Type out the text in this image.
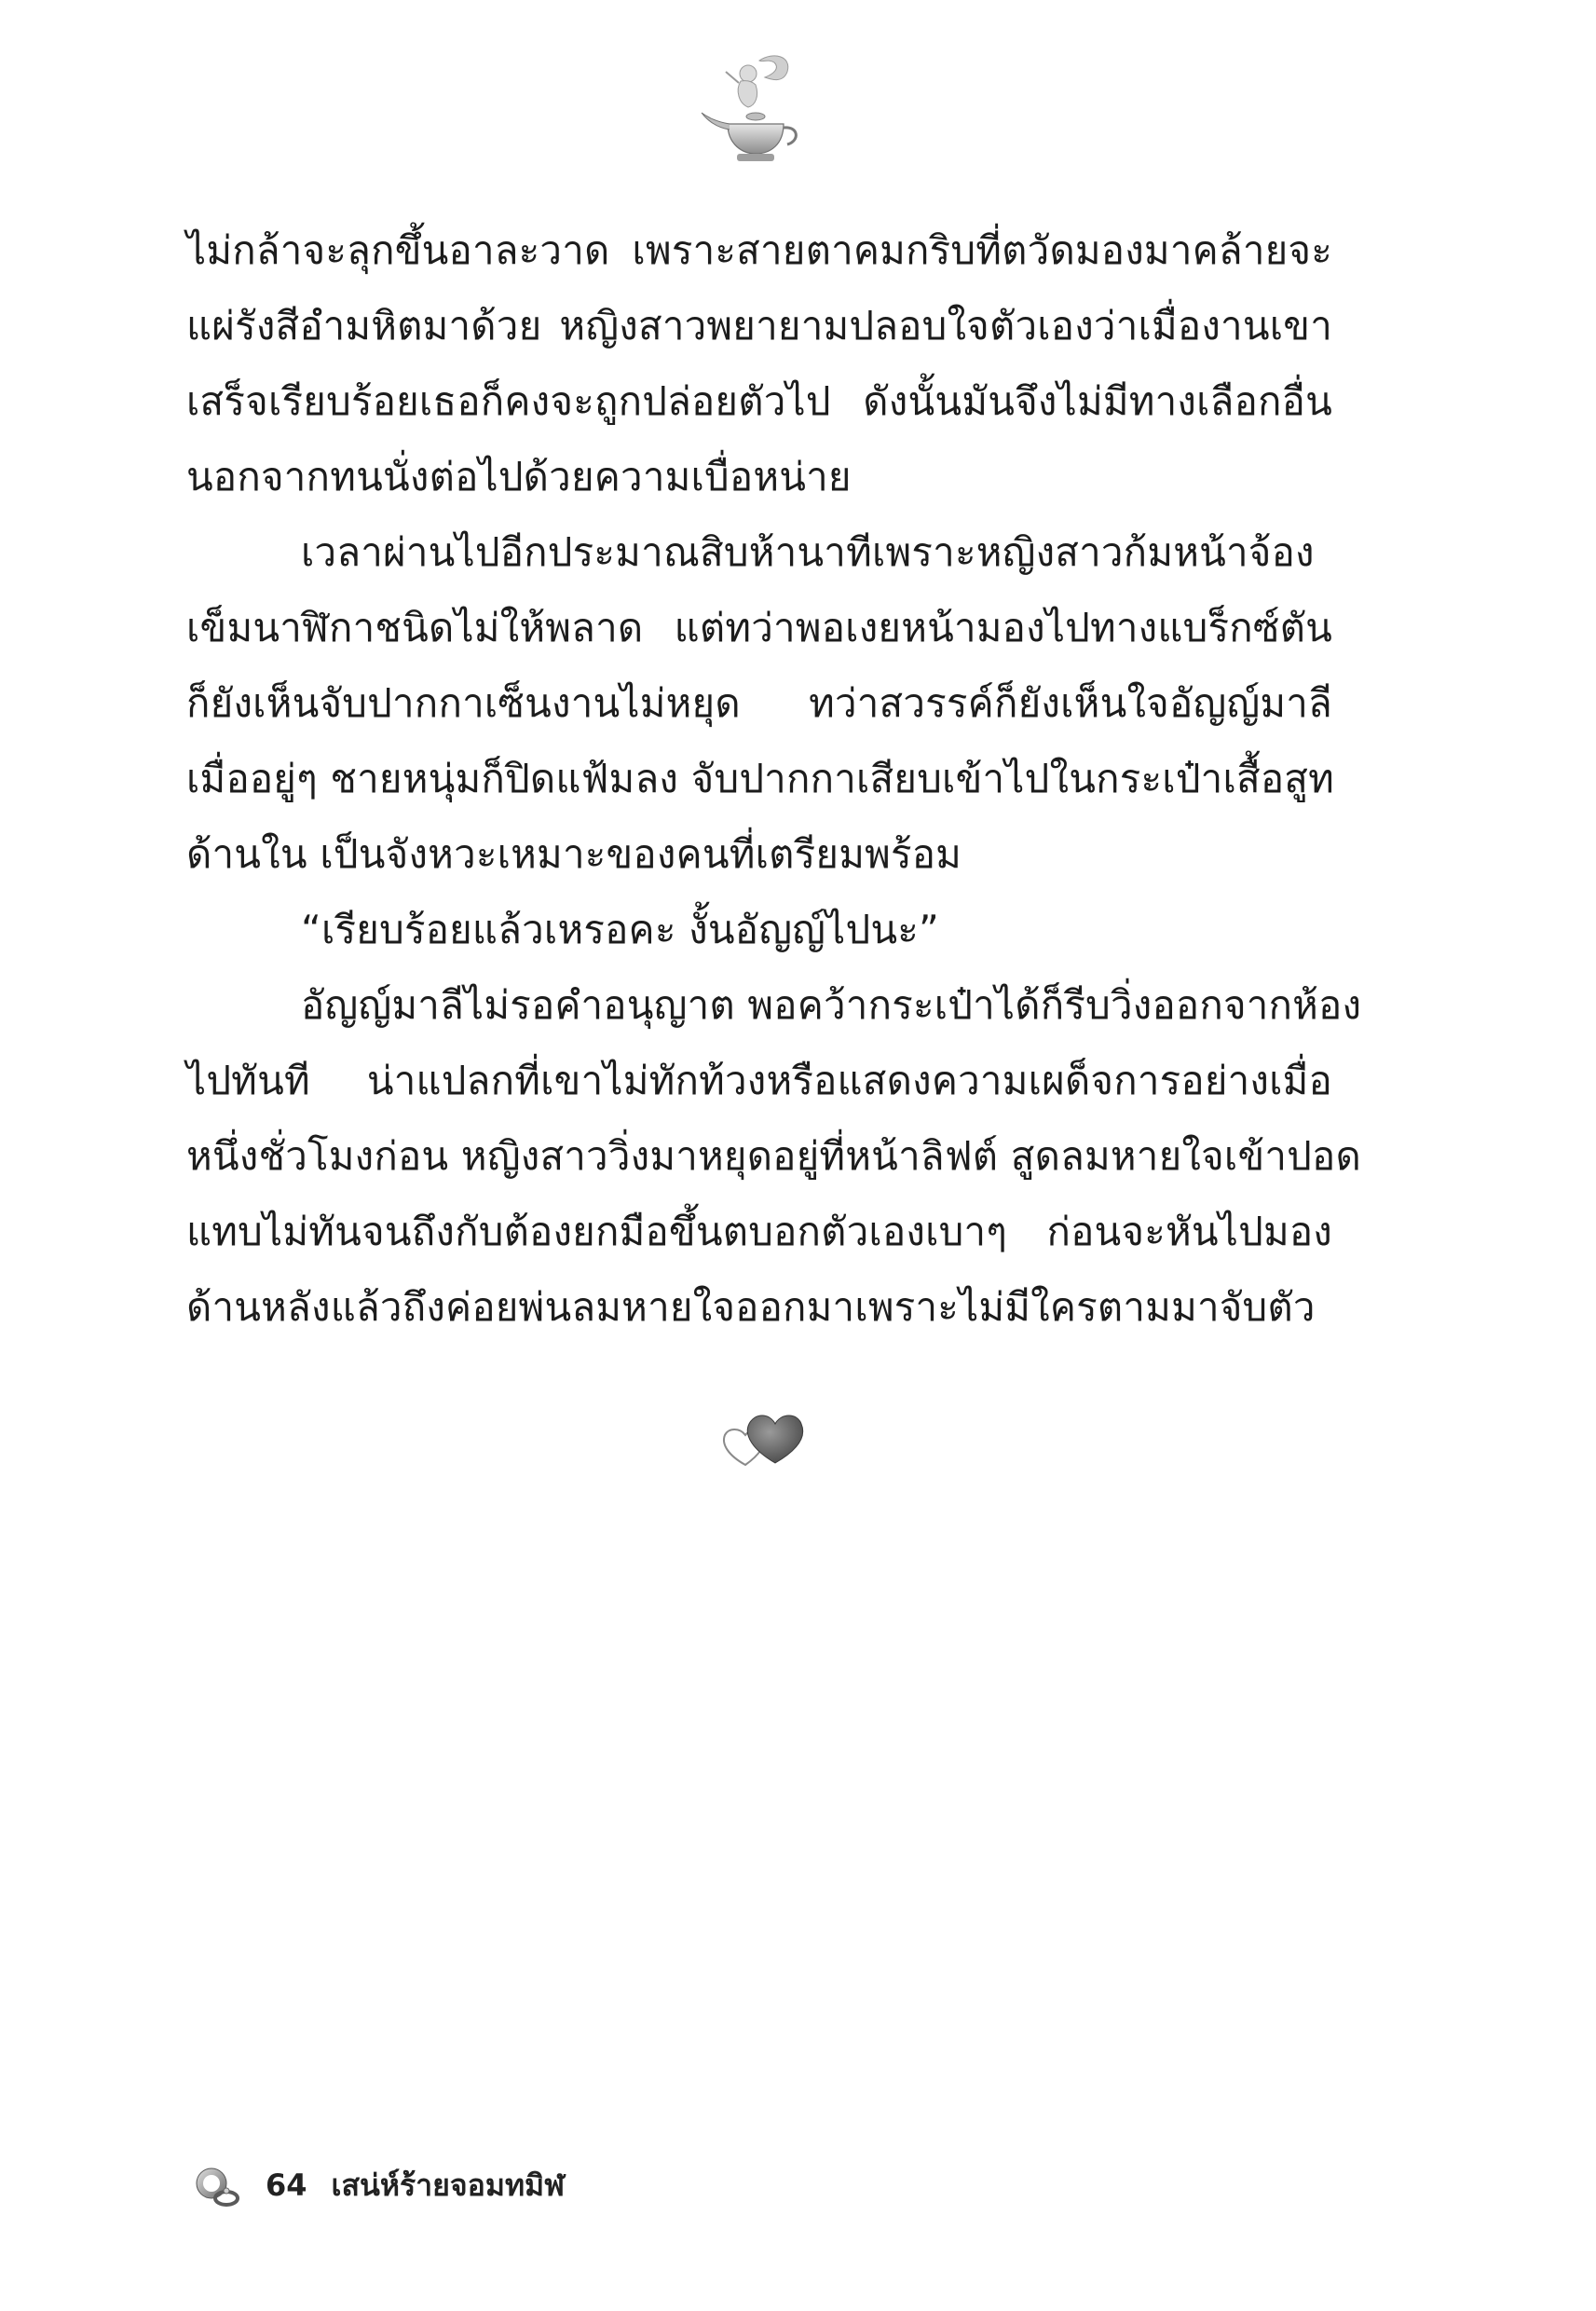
ไม่กล้าจะลุกขึ้นอาละวาด เพราะสายตาคมกริบที่ตวัดมองมาคล้ายจะ
แผ่รังสีอำมหิตมาด้วย หญิงสาวพยายามปลอบใจตัวเองว่าเมื่องานเขา
เสร็จเรียบร้อยเธอก็คงจะถูกปล่อยตัวไป ดังนั้นมันจึงไม่มีทางเลือกอื่น
นอกจากทนนั่งต่อไปด้วยความเบื่อหน่าย
เวลาผ่านไปอีกประมาณสิบห้านาทีเพราะหญิงสาวก้มหน้าจ้อง
เข็มนาฬิกาชนิดไม่ให้พลาด แต่ทว่าพอเงยหน้ามองไปทางแบร็กซ์ตัน
ก็ยังเห็นจับปากกาเซ็นงานไม่หยุด ทว่าสวรรค์ก็ยังเห็นใจอัญญ์มาลี
เมื่ออยู่ๆ ชายหนุ่มก็ปิดแฟ้มลง จับปากกาเสียบเข้าไปในกระเป๋าเสื้อสูท
ด้านใน เป็นจังหวะเหมาะของคนที่เตรียมพร้อม
“เรียบร้อยแล้วเหรอคะ งั้นอัญญ์ไปนะ”
อัญญ์มาลีไม่รอคำอนุญาต พอคว้ากระเป๋าได้ก็รีบวิ่งออกจากห้อง
ไปทันที น่าแปลกที่เขาไม่ทักท้วงหรือแสดงความเผด็จการอย่างเมื่อ
หนึ่งชั่วโมงก่อน หญิงสาววิ่งมาหยุดอยู่ที่หน้าลิฟต์ สูดลมหายใจเข้าปอด
แทบไม่ทันจนถึงกับต้องยกมือขึ้นตบอกตัวเองเบาๆ ก่อนจะหันไปมอง
ด้านหลังแล้วถึงค่อยพ่นลมหายใจออกมาเพราะไม่มีใครตามมาจับตัว
64 เสน่ห์ร้ายจอมทมิฬ
